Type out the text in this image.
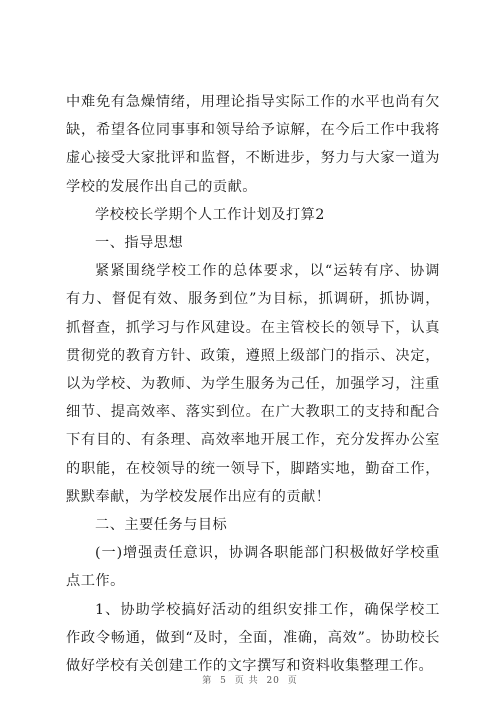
中难免有急燥情绪，用理论指导实际工作的水平也尚有欠缺，希望各位同事事和领导给予谅解，在今后工作中我将虚心接受大家批评和监督，不断进步，努力与大家一道为学校的发展作出自己的贡献。

学校校长学期个人工作计划及打算2

一、指导思想

紧紧围绕学校工作的总体要求，以“运转有序、协调有力、督促有效、服务到位”为目标，抓调研，抓协调，抓督查，抓学习与作风建设。在主管校长的领导下，认真贯彻党的教育方针、政策，遵照上级部门的指示、决定，以为学校、为教师、为学生服务为己任，加强学习，注重细节、提高效率、落实到位。在广大教职工的支持和配合下有目的、有条理、高效率地开展工作，充分发挥办公室的职能，在校领导的统一领导下，脚踏实地，勤奋工作，默默奉献，为学校发展作出应有的贡献！

二、主要任务与目标

(一)增强责任意识，协调各职能部门积极做好学校重点工作。

1、协助学校搞好活动的组织安排工作，确保学校工作政令畅通，做到“及时，全面，准确，高效”。协助校长做好学校有关创建工作的文字撰写和资料收集整理工作。

第 5 页 共 20 页
